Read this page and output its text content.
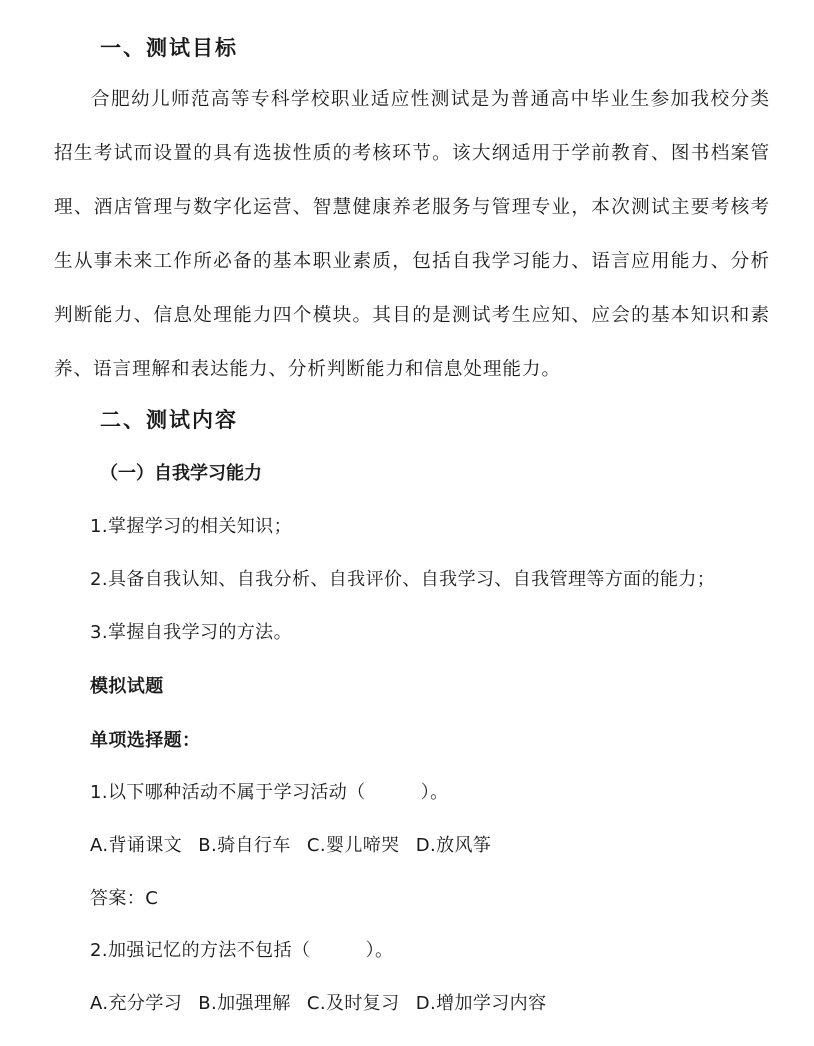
一、测试目标

合肥幼儿师范高等专科学校职业适应性测试是为普通高中毕业生参加我校分类招生考试而设置的具有选拔性质的考核环节。该大纲适用于学前教育、图书档案管理、酒店管理与数字化运营、智慧健康养老服务与管理专业，本次测试主要考核考生从事未来工作所必备的基本职业素质，包括自我学习能力、语言应用能力、分析判断能力、信息处理能力四个模块。其目的是测试考生应知、应会的基本知识和素养、语言理解和表达能力、分析判断能力和信息处理能力。

二、测试内容
（一）自我学习能力
1.掌握学习的相关知识；
2.具备自我认知、自我分析、自我评价、自我学习、自我管理等方面的能力；
3.掌握自我学习的方法。
模拟试题
单项选择题：
1.以下哪种活动不属于学习活动（　　　）。
A.背诵课文 B.骑自行车 C.婴儿啼哭 D.放风筝
答案：C
2.加强记忆的方法不包括（　　　）。
A.充分学习 B.加强理解 C.及时复习 D.增加学习内容
